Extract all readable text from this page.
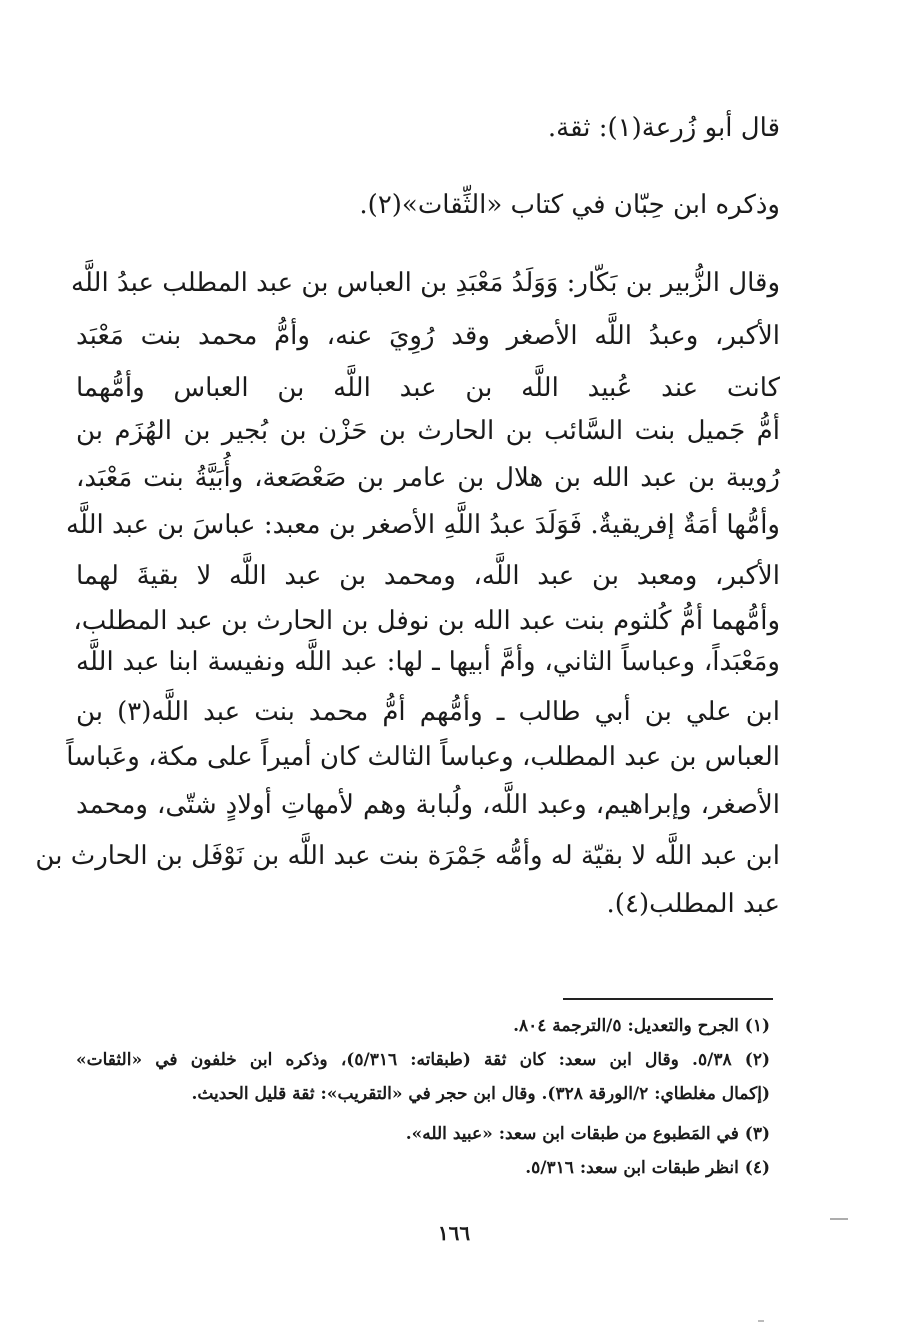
قال أبو زُرعة(١): ثقة.
وذكره ابن حِبّان في كتاب «الثِّقات»(٢).
وقال الزُّبير بن بَكّار: وَوَلَدُ مَعْبَدِ بن العباس بن عبد المطلب عبدُ اللَّه
الأكبر، وعبدُ اللَّه الأصغر وقد رُوِيَ عنه، وأمُّ محمد بنت مَعْبَد
كانت عند عُبيد اللَّه بن عبد اللَّه بن العباس وأمُّهما
أمُّ جَميل بنت السَّائب بن الحارث بن حَزْن بن بُجير بن الهُزَم بن
رُويبة بن عبد الله بن هلال بن عامر بن صَعْصَعة، وأُبَيَّةُ بنت مَعْبَد،
وأمُّها أمَةٌ إفريقيةٌ. فَوَلَدَ عبدُ اللَّهِ الأصغر بن معبد: عباسَ بن عبد اللَّه
الأكبر، ومعبد بن عبد اللَّه، ومحمد بن عبد اللَّه لا بقيةَ لهما
وأمُّهما أمُّ كُلثوم بنت عبد الله بن نوفل بن الحارث بن عبد المطلب،
ومَعْبَداً، وعباساً الثاني، وأمَّ أبيها ـ لها: عبد اللَّه ونفيسة ابنا عبد اللَّه
ابن علي بن أبي طالب ـ وأمُّهم أمُّ محمد بنت عبد اللَّه(٣) بن
العباس بن عبد المطلب، وعباساً الثالث كان أميراً على مكة، وعَباساً
الأصغر، وإبراهيم، وعبد اللَّه، ولُبابة وهم لأمهاتِ أولادٍ شتّى، ومحمد
ابن عبد اللَّه لا بقيّة له وأمُّه جَمْرَة بنت عبد اللَّه بن نَوْفَل بن الحارث بن
عبد المطلب(٤).
(١) الجرح والتعديل: ٥/الترجمة ٨٠٤.
(٢) ٥/٣٨. وقال ابن سعد: كان ثقة (طبقاته: ٥/٣١٦)، وذكره ابن خلفون في «الثقات»
(إكمال مغلطاي: ٢/الورقة ٣٢٨). وقال ابن حجر في «التقريب»: ثقة قليل الحديث.
(٣) في المَطبوع من طبقات ابن سعد: «عبيد الله».
(٤) انظر طبقات ابن سعد: ٥/٣١٦.
١٦٦
